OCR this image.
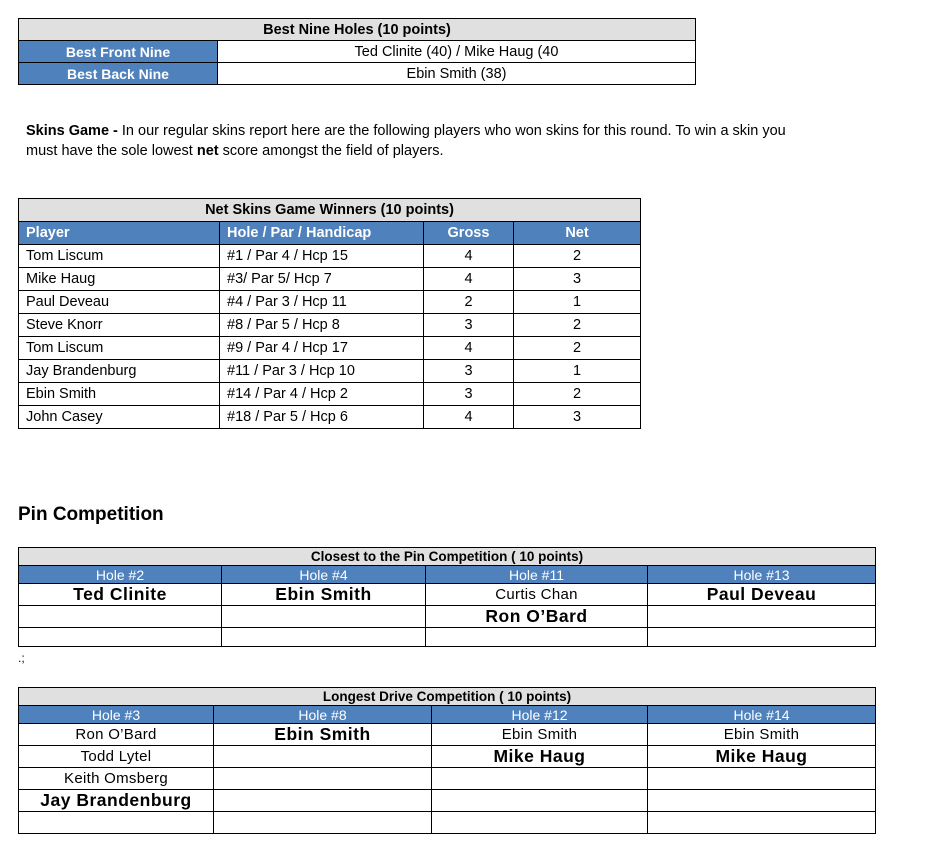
Best Nine Holes (10 points)	
Best Front Nine	Ted Clinite (40) / Mike Haug (40
Best Back Nine	Ebin Smith (38)

Skins Game - In our regular skins report here are the following players who won skins for this round. To win a skin you must have the sole lowest net score amongst the field of players.

Net Skins Game Winners (10 points)			
Player	Hole / Par / Handicap	Gross	Net
Tom Liscum	#1 / Par 4 / Hcp 15	4	2
Mike Haug	#3/ Par 5/ Hcp 7	4	3
Paul Deveau	#4 / Par 3 / Hcp 11	2	1
Steve Knorr	#8 / Par 5 / Hcp 8	3	2
Tom Liscum	#9 / Par 4 / Hcp 17	4	2
Jay Brandenburg	#11 / Par 3 / Hcp 10	3	1
Ebin Smith	#14 / Par 4 / Hcp 2	3	2
John Casey	#18 / Par 5 / Hcp 6	4	3
Pin Competition
Closest to the Pin Competition ( 10 points)			
Hole #2	Hole #4	Hole #11	Hole #13
Ted Clinite	Ebin Smith	Curtis Chan	Paul Deveau
		Ron O’Bard	

.;
Longest Drive Competition ( 10 points)			
Hole #3	Hole #8	Hole #12	Hole #14
Ron O’Bard	Ebin Smith	Ebin Smith	Ebin Smith
Todd Lytel		Mike Haug	Mike Haug
Keith Omsberg			
Jay Brandenburg			
